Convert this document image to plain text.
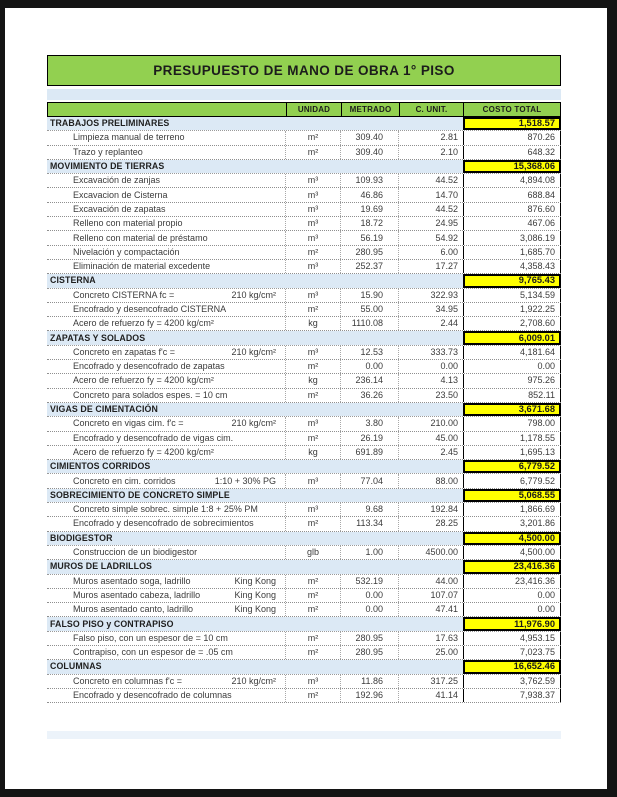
PRESUPUESTO DE MANO DE OBRA 1° PISO
UNIDAD	METRADO	C. UNIT.	COSTO TOTAL
TRABAJOS PRELIMINARES	1,518.57
Limpieza manual de terreno	m²	309.40	2.81	870.26
Trazo y replanteo	m²	309.40	2.10	648.32
MOVIMIENTO DE TIERRAS	15,368.06
Excavación de zanjas	m³	109.93	44.52	4,894.08
Excavacion de Cisterna	m³	46.86	14.70	688.84
Excavación de zapatas	m³	19.69	44.52	876.60
Relleno con material propio	m³	18.72	24.95	467.06
Relleno con material de préstamo	m³	56.19	54.92	3,086.19
Nivelación y compactación	m²	280.95	6.00	1,685.70
Eliminación de material excedente	m³	252.37	17.27	4,358.43
CISTERNA	9,765.43
Concreto CISTERNA fc =	210 kg/cm²	m³	15.90	322.93	5,134.59
Encofrado y desencofrado CISTERNA	m²	55.00	34.95	1,922.25
Acero de refuerzo fy = 4200 kg/cm²	kg	1110.08	2.44	2,708.60
ZAPATAS Y SOLADOS	6,009.01
Concreto en zapatas f'c =	210 kg/cm²	m³	12.53	333.73	4,181.64
Encofrado y desencofrado de zapatas	m²	0.00	0.00	0.00
Acero de refuerzo fy = 4200 kg/cm²	kg	236.14	4.13	975.26
Concreto para solados espes. = 10 cm	m²	36.26	23.50	852.11
VIGAS DE CIMENTACIÓN	3,671.68
Concreto en vigas cim. f'c =	210 kg/cm²	m³	3.80	210.00	798.00
Encofrado y desencofrado de vigas cim.	m²	26.19	45.00	1,178.55
Acero de refuerzo fy = 4200 kg/cm²	kg	691.89	2.45	1,695.13
CIMIENTOS CORRIDOS	6,779.52
Concreto en cim. corridos	1:10 + 30% PG	m³	77.04	88.00	6,779.52
SOBRECIMIENTO DE CONCRETO SIMPLE	5,068.55
Concreto simple sobrec. simple 1:8 + 25% PM	m³	9.68	192.84	1,866.69
Encofrado y desencofrado de sobrecimientos	m²	113.34	28.25	3,201.86
BIODIGESTOR	4,500.00
Construccion de un biodigestor	glb	1.00	4500.00	4,500.00
MUROS DE LADRILLOS	23,416.36
Muros asentado soga, ladrillo	King Kong	m²	532.19	44.00	23,416.36
Muros asentado cabeza, ladrillo	King Kong	m²	0.00	107.07	0.00
Muros asentado canto, ladrillo	King Kong	m²	0.00	47.41	0.00
FALSO PISO y CONTRAPISO	11,976.90
Falso piso, con un espesor de = 10 cm	m²	280.95	17.63	4,953.15
Contrapiso, con un espesor de = .05 cm	m²	280.95	25.00	7,023.75
COLUMNAS	16,652.46
Concreto en columnas f'c =	210 kg/cm²	m³	11.86	317.25	3,762.59
Encofrado y desencofrado de columnas	m²	192.96	41.14	7,938.37
